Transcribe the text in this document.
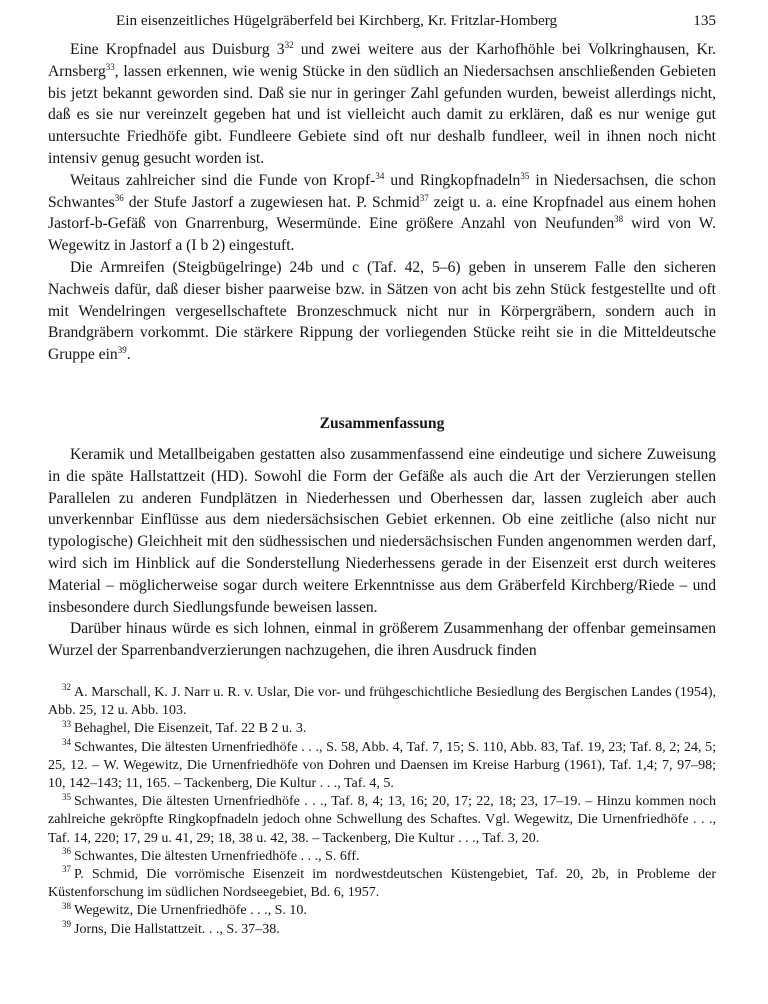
Ein eisenzeitliches Hügelgräberfeld bei Kirchberg, Kr. Fritzlar-Homberg	135

Eine Kropfnadel aus Duisburg $3^{32}$ und zwei weitere aus der Karhofhöhle bei Volkringhausen, Kr. Arnsberg$^{33}$, lassen erkennen, wie wenig Stücke in den südlich an Niedersachsen anschließenden Gebieten bis jetzt bekannt geworden sind. Daß sie nur in geringer Zahl gefunden wurden, beweist allerdings nicht, daß es sie nur vereinzelt gegeben hat und ist vielleicht auch damit zu erklären, daß es nur wenige gut untersuchte Friedhöfe gibt. Fundleere Gebiete sind oft nur deshalb fundleer, weil in ihnen noch nicht intensiv genug gesucht worden ist.

Weitaus zahlreicher sind die Funde von Kropf-$^{34}$ und Ringkopfnadeln$^{35}$ in Niedersachsen, die schon Schwantes$^{36}$ der Stufe Jastorf a zugewiesen hat. P. Schmid$^{37}$ zeigt u. a. eine Kropfnadel aus einem hohen Jastorf-b-Gefäß von Gnarrenburg, Wesermünde. Eine größere Anzahl von Neufunden$^{38}$ wird von W. Wegewitz in Jastorf a (I b 2) eingestuft.

Die Armreifen (Steigbügelringe) 24b und c (Taf. 42, 5–6) geben in unserem Falle den sicheren Nachweis dafür, daß dieser bisher paarweise bzw. in Sätzen von acht bis zehn Stück festgestellte und oft mit Wendelringen vergesellschaftete Bronzeschmuck nicht nur in Körpergräbern, sondern auch in Brandgräbern vorkommt. Die stärkere Rippung der vorliegenden Stücke reiht sie in die Mitteldeutsche Gruppe ein$^{39}$.

Zusammenfassung

Keramik und Metallbeigaben gestatten also zusammenfassend eine eindeutige und sichere Zuweisung in die späte Hallstattzeit (HD). Sowohl die Form der Gefäße als auch die Art der Verzierungen stellen Parallelen zu anderen Fundplätzen in Niederhessen und Oberhessen dar, lassen zugleich aber auch unverkennbar Einflüsse aus dem niedersächsischen Gebiet erkennen. Ob eine zeitliche (also nicht nur typologische) Gleichheit mit den südhessischen und niedersächsischen Funden angenommen werden darf, wird sich im Hinblick auf die Sonderstellung Niederhessens gerade in der Eisenzeit erst durch weiteres Material – möglicherweise sogar durch weitere Erkenntnisse aus dem Gräberfeld Kirchberg/Riede – und insbesondere durch Siedlungsfunde beweisen lassen.

Darüber hinaus würde es sich lohnen, einmal in größerem Zusammenhang der offenbar gemeinsamen Wurzel der Sparrenbandverzierungen nachzugehen, die ihren Ausdruck finden

$^{32}$ A. Marschall, K. J. Narr u. R. v. Uslar, Die vor- und frühgeschichtliche Besiedlung des Bergischen Landes (1954), Abb. 25, 12 u. Abb. 103.

$^{33}$ Behaghel, Die Eisenzeit, Taf. 22 B 2 u. 3.

$^{34}$ Schwantes, Die ältesten Urnenfriedhöfe . . ., S. 58, Abb. 4, Taf. 7, 15; S. 110, Abb. 83, Taf. 19, 23; Taf. 8, 2; 24, 5; 25, 12. – W. Wegewitz, Die Urnenfriedhöfe von Dohren und Daensen im Kreise Harburg (1961), Taf. 1,4; 7, 97–98; 10, 142–143; 11, 165. – Tackenberg, Die Kultur . . ., Taf. 4, 5.

$^{35}$ Schwantes, Die ältesten Urnenfriedhöfe . . ., Taf. 8, 4; 13, 16; 20, 17; 22, 18; 23, 17–19. – Hinzu kommen noch zahlreiche gekröpfte Ringkopfnadeln jedoch ohne Schwellung des Schaftes. Vgl. Wegewitz, Die Urnenfriedhöfe . . ., Taf. 14, 220; 17, 29 u. 41, 29; 18, 38 u. 42, 38. – Tackenberg, Die Kultur . . ., Taf. 3, 20.

$^{36}$ Schwantes, Die ältesten Urnenfriedhöfe . . ., S. 6ff.

$^{37}$ P. Schmid, Die vorrömische Eisenzeit im nordwestdeutschen Küstengebiet, Taf. 20, 2b, in Probleme der Küstenforschung im südlichen Nordseegebiet, Bd. 6, 1957.

$^{38}$ Wegewitz, Die Urnenfriedhöfe . . ., S. 10.

$^{39}$ Jorns, Die Hallstattzeit. . ., S. 37–38.
